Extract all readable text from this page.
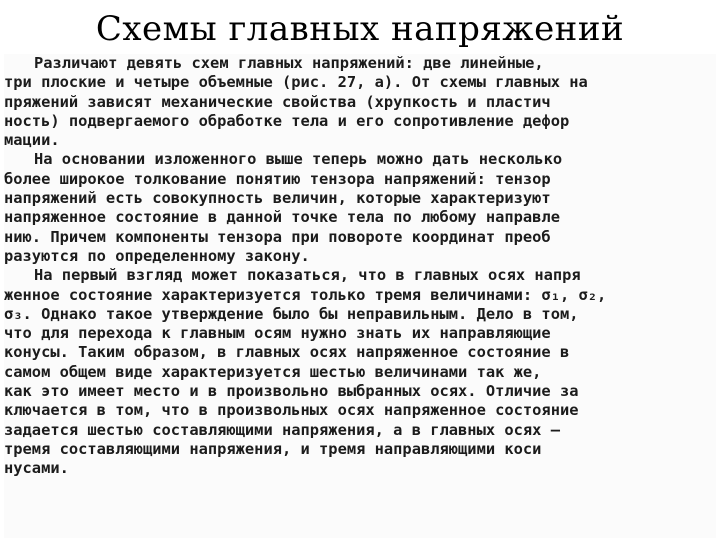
Схемы главных напряжений
Различают девять схем главных напряжений: две линейные,
три плоские и четыре объемные (рис. 27, а). От схемы главных на
пряжений зависят механические свойства (хрупкость и пластич
ность) подвергаемого обработке тела и его сопротивление дефор
мации.
На основании изложенного выше теперь можно дать несколько
более широкое толкование понятию тензора напряжений: тензор
напряжений есть совокупность величин, которые характеризуют
напряженное состояние в данной точке тела по любому направле
нию. Причем компоненты тензора при повороте координат преоб
разуются по определенному закону.
На первый взгляд может показаться, что в главных осях напря
женное состояние характеризуется только тремя величинами: σ₁, σ₂,
σ₃. Однако такое утверждение было бы неправильным. Дело в том,
что для перехода к главным осям нужно знать их направляющие
конусы. Таким образом, в главных осях напряженное состояние в
самом общем виде характеризуется шестью величинами так же,
как это имеет место и в произвольно выбранных осях. Отличие за
ключается в том, что в произвольных осях напряженное состояние
задается шестью составляющими напряжения, а в главных осях —
тремя составляющими напряжения, и тремя направляющими коси
нусами.
